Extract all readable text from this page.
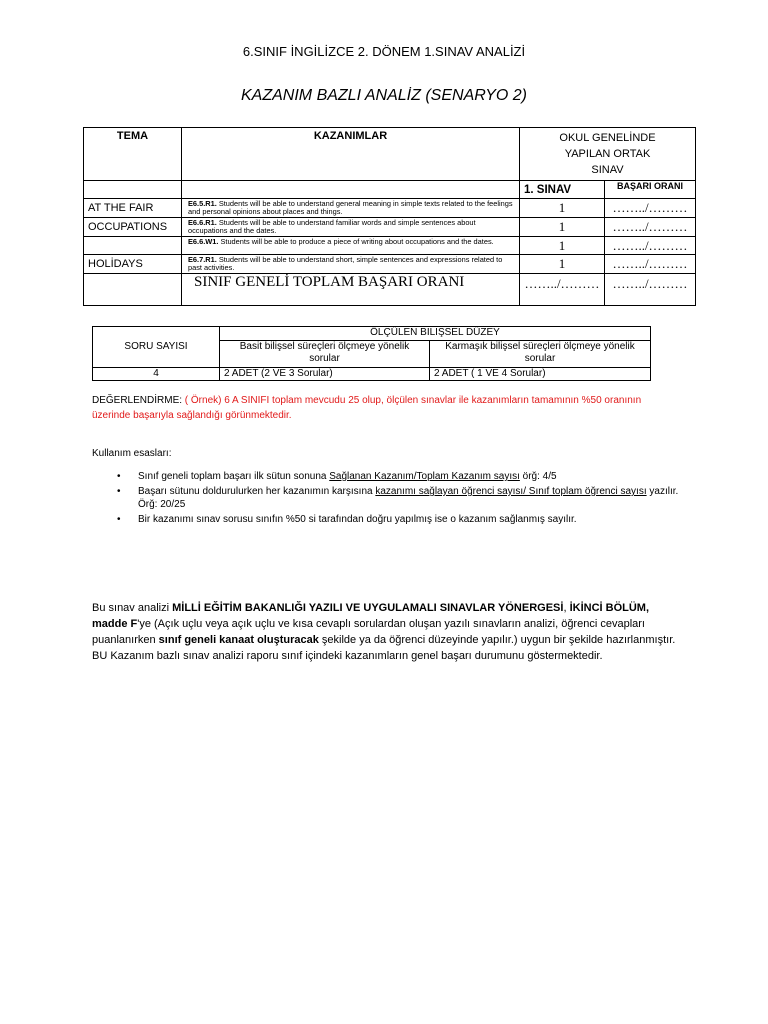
6.SINIF İNGİLİZCE 2. DÖNEM 1.SINAV ANALİZİ
KAZANIM BAZLI ANALİZ (SENARYO 2)
TEMA	KAZANIMLAR	OKUL GENELİNDE YAPILAN ORTAK SINAV	
		1. SINAV	BAŞARI ORANI
AT THE FAIR	E6.5.R1. Students will be able to understand general meaning in simple texts related to the feelings and personal opinions about places and things.	1	……../………
OCCUPATIONS	E6.6.R1. Students will be able to understand familiar words and simple sentences about occupations and the dates.	1	……../………
	E6.6.W1. Students will be able to produce a piece of writing about occupations and the dates.	1	……../………
HOLİDAYS	E6.7.R1. Students will be able to understand short, simple sentences and expressions related to past activities.	1	……../………
	SINIF GENELİ TOPLAM BAŞARI ORANI	……../………	……../………
SORU SAYISI	ÖLÇÜLEN BİLİŞSEL DÜZEY	
	Basit bilişsel süreçleri ölçmeye yönelik sorular	Karmaşık bilişsel süreçleri ölçmeye yönelik sorular
4	2 ADET (2 VE 3 Sorular)	2 ADET ( 1 VE 4 Sorular)
DEĞERLENDİRME: ( Örnek) 6 A SINIFI toplam mevcudu 25 olup, ölçülen sınavlar ile kazanımların tamamının %50 oranının üzerinde başarıyla sağlandığı görünmektedir.
Kullanım esasları:
• Sınıf geneli toplam başarı ilk sütun sonuna Sağlanan Kazanım/Toplam Kazanım sayısı örğ: 4/5
• Başarı sütunu doldurulurken her kazanımın karşısına kazanımı sağlayan öğrenci sayısı/ Sınıf toplam öğrenci sayısı yazılır. Örğ: 20/25
• Bir kazanımı sınav sorusu sınıfın %50 si tarafından doğru yapılmış ise o kazanım sağlanmış sayılır.
Bu sınav analizi MİLLİ EĞİTİM BAKANLIĞI YAZILI VE UYGULAMALI SINAVLAR YÖNERGESİ, İKİNCİ BÖLÜM, madde F'ye (Açık uçlu veya açık uçlu ve kısa cevaplı sorulardan oluşan yazılı sınavların analizi, öğrenci cevapları puanlanırken sınıf geneli kanaat oluşturacak şekilde ya da öğrenci düzeyinde yapılır.) uygun bir şekilde hazırlanmıştır. BU Kazanım bazlı sınav analizi raporu sınıf içindeki kazanımların genel başarı durumunu göstermektedir.
